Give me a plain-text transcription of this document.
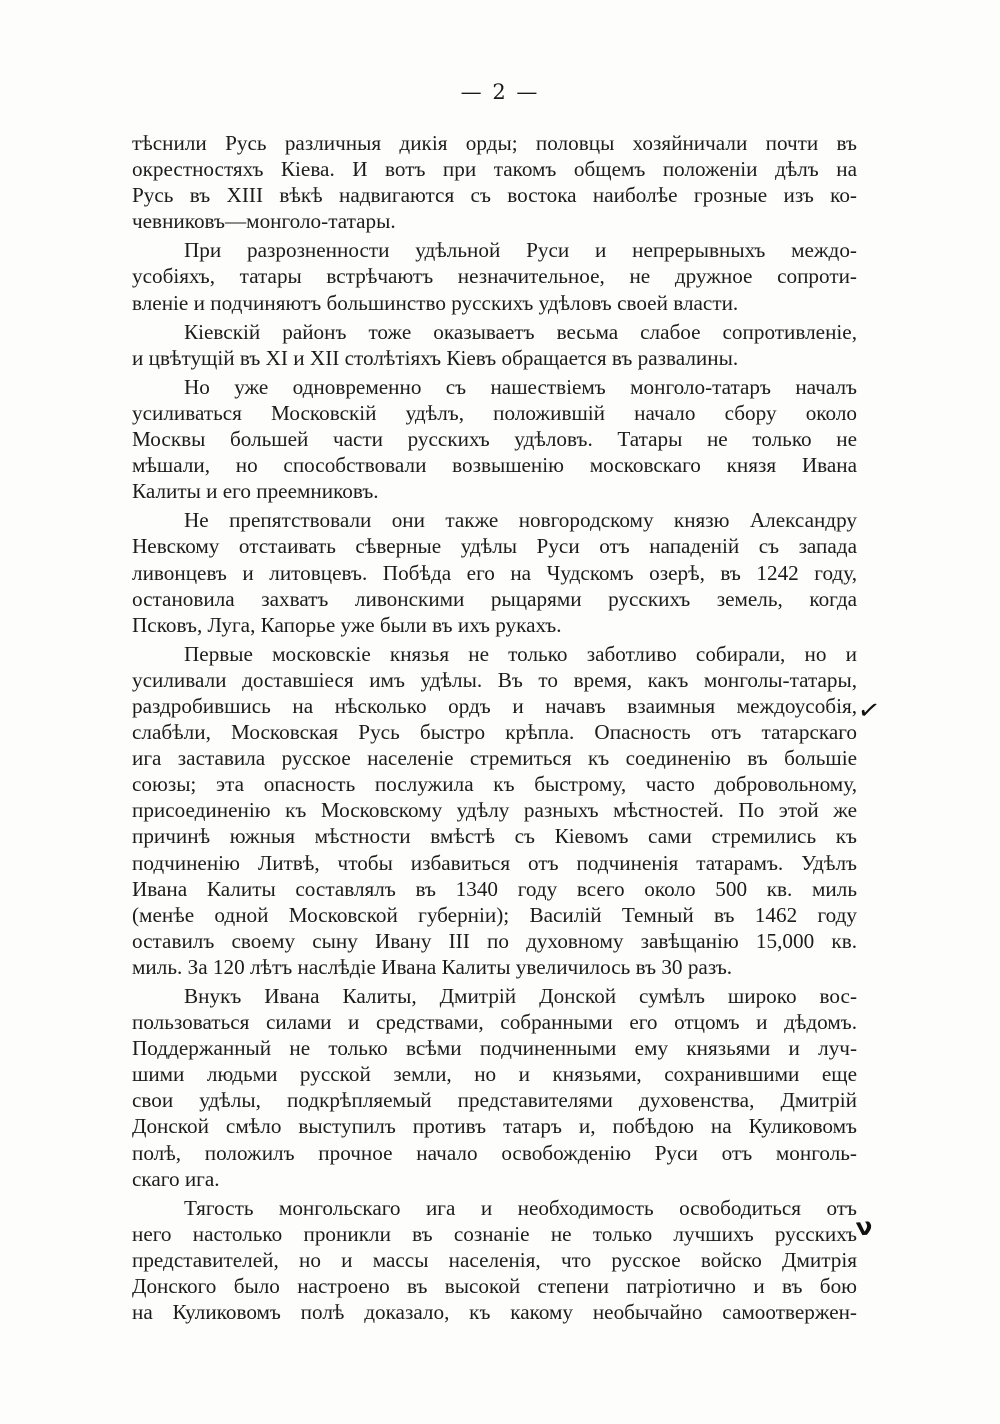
— 2 —
тѣснили Русь различныя дикія орды; половцы хозяйничали почти въ
окрестностяхъ Кіева. И вотъ при такомъ общемъ положеніи дѣлъ на
Русь въ XIII вѣкѣ надвигаются съ востока наиболѣе грозные изъ ко-
чевниковъ—монголо-татары.
При разрозненности удѣльной Руси и непрерывныхъ междо-
усобіяхъ, татары встрѣчаютъ незначительное, не дружное сопроти-
вленіе и подчиняютъ большинство русскихъ удѣловъ своей власти.
Кіевскій районъ тоже оказываетъ весьма слабое сопротивленіе,
и цвѣтущій въ XI и XII столѣтіяхъ Кіевъ обращается въ развалины.
Но уже одновременно съ нашествіемъ монголо-татаръ началъ
усиливаться Московскій удѣлъ, положившій начало сбору около
Москвы большей части русскихъ удѣловъ. Татары не только не
мѣшали, но способствовали возвышенію московскаго князя Ивана
Калиты и его преемниковъ.
Не препятствовали они также новгородскому князю Александру
Невскому отстаивать сѣверные удѣлы Руси отъ нападеній съ запада
ливонцевъ и литовцевъ. Побѣда его на Чудскомъ озерѣ, въ 1242 году,
остановила захватъ ливонскими рыцарями русскихъ земель, когда
Псковъ, Луга, Капорье уже были въ ихъ рукахъ.
Первые московскіе князья не только заботливо собирали, но и
усиливали доставшіеся имъ удѣлы. Въ то время, какъ монголы-татары,
раздробившись на нѣсколько ордъ и начавъ взаимныя междоусобія,
слабѣли, Московская Русь быстро крѣпла. Опасность отъ татарскаго
ига заставила русское населеніе стремиться къ соединенію въ большіе
союзы; эта опасность послужила къ быстрому, часто добровольному,
присоединенію къ Московскому удѣлу разныхъ мѣстностей. По этой же
причинѣ южныя мѣстности вмѣстѣ съ Кіевомъ сами стремились къ
подчиненію Литвѣ, чтобы избавиться отъ подчиненія татарамъ. Удѣлъ
Ивана Калиты составлялъ въ 1340 году всего около 500 кв. миль
(менѣе одной Московской губерніи); Василій Темный въ 1462 году
оставилъ своему сыну Ивану III по духовному завѣщанію 15,000 кв.
миль. За 120 лѣтъ наслѣдіе Ивана Калиты увеличилось въ 30 разъ.
Внукъ Ивана Калиты, Дмитрій Донской сумѣлъ широко вос-
пользоваться силами и средствами, собранными его отцомъ и дѣдомъ.
Поддержанный не только всѣми подчиненными ему князьями и луч-
шими людьми русской земли, но и князьями, сохранившими еще
свои удѣлы, подкрѣпляемый представителями духовенства, Дмитрій
Донской смѣло выступилъ противъ татаръ и, побѣдою на Куликовомъ
полѣ, положилъ прочное начало освобожденію Руси отъ монголь-
скаго ига.
Тягость монгольскаго ига и необходимость освободиться отъ
него настолько проникли въ сознаніе не только лучшихъ русскихъ
представителей, но и массы населенія, что русское войско Дмитрія
Донского было настроено въ высокой степени патріотично и въ бою
на Куликовомъ полѣ доказало, къ какому необычайно самоотвержен-
✓
ν
